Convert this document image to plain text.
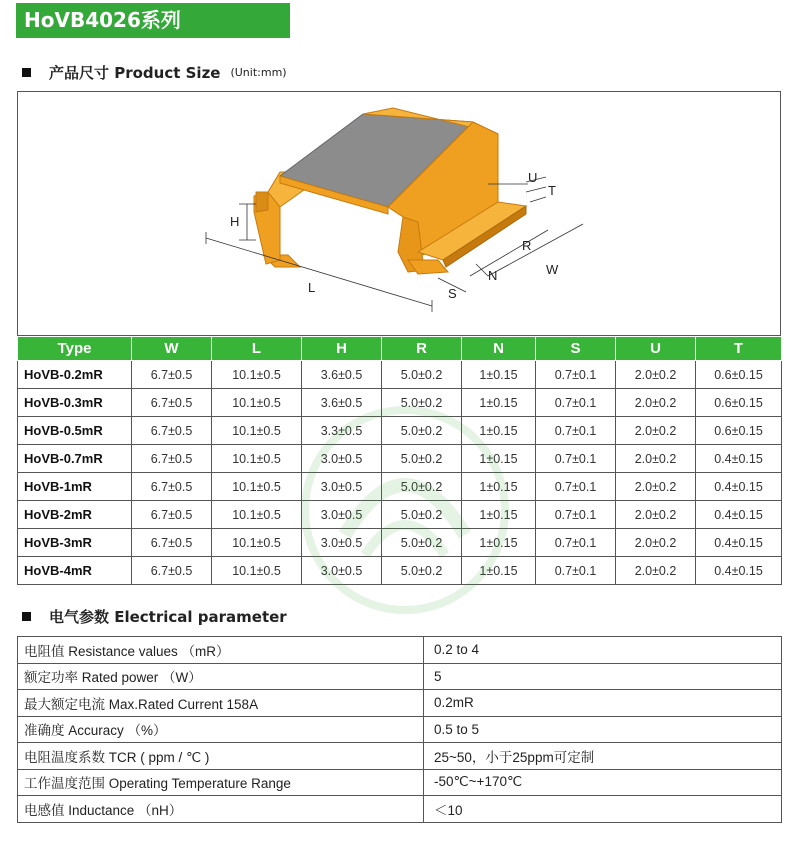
HoVB4026系列
产品尺寸 Product Size (Unit:mm)
H
L	S
N
R
W
U
T
Type	W	L	H	R	N	S	U	T
HoVB-0.2mR	6.7±0.5	10.1±0.5	3.6±0.5	5.0±0.2	1±0.15	0.7±0.1	2.0±0.2	0.6±0.15
HoVB-0.3mR	6.7±0.5	10.1±0.5	3.6±0.5	5.0±0.2	1±0.15	0.7±0.1	2.0±0.2	0.6±0.15
HoVB-0.5mR	6.7±0.5	10.1±0.5	3.3±0.5	5.0±0.2	1±0.15	0.7±0.1	2.0±0.2	0.6±0.15
HoVB-0.7mR	6.7±0.5	10.1±0.5	3.0±0.5	5.0±0.2	1±0.15	0.7±0.1	2.0±0.2	0.4±0.15
HoVB-1mR	6.7±0.5	10.1±0.5	3.0±0.5	5.0±0.2	1±0.15	0.7±0.1	2.0±0.2	0.4±0.15
HoVB-2mR	6.7±0.5	10.1±0.5	3.0±0.5	5.0±0.2	1±0.15	0.7±0.1	2.0±0.2	0.4±0.15
HoVB-3mR	6.7±0.5	10.1±0.5	3.0±0.5	5.0±0.2	1±0.15	0.7±0.1	2.0±0.2	0.4±0.15
HoVB-4mR	6.7±0.5	10.1±0.5	3.0±0.5	5.0±0.2	1±0.15	0.7±0.1	2.0±0.2	0.4±0.15
电气参数 Electrical parameter
电阻值 Resistance values （mR）	0.2 to 4
额定功率 Rated power （W）	5
最大额定电流 Max.Rated Current 158A	0.2mR
准确度 Accuracy （%）	0.5 to 5
电阻温度系数 TCR ( ppm / ℃ )	25~50，小于25ppm可定制
工作温度范围 Operating Temperature Range	-50℃~+170℃
电感值 Inductance （nH）	＜10
